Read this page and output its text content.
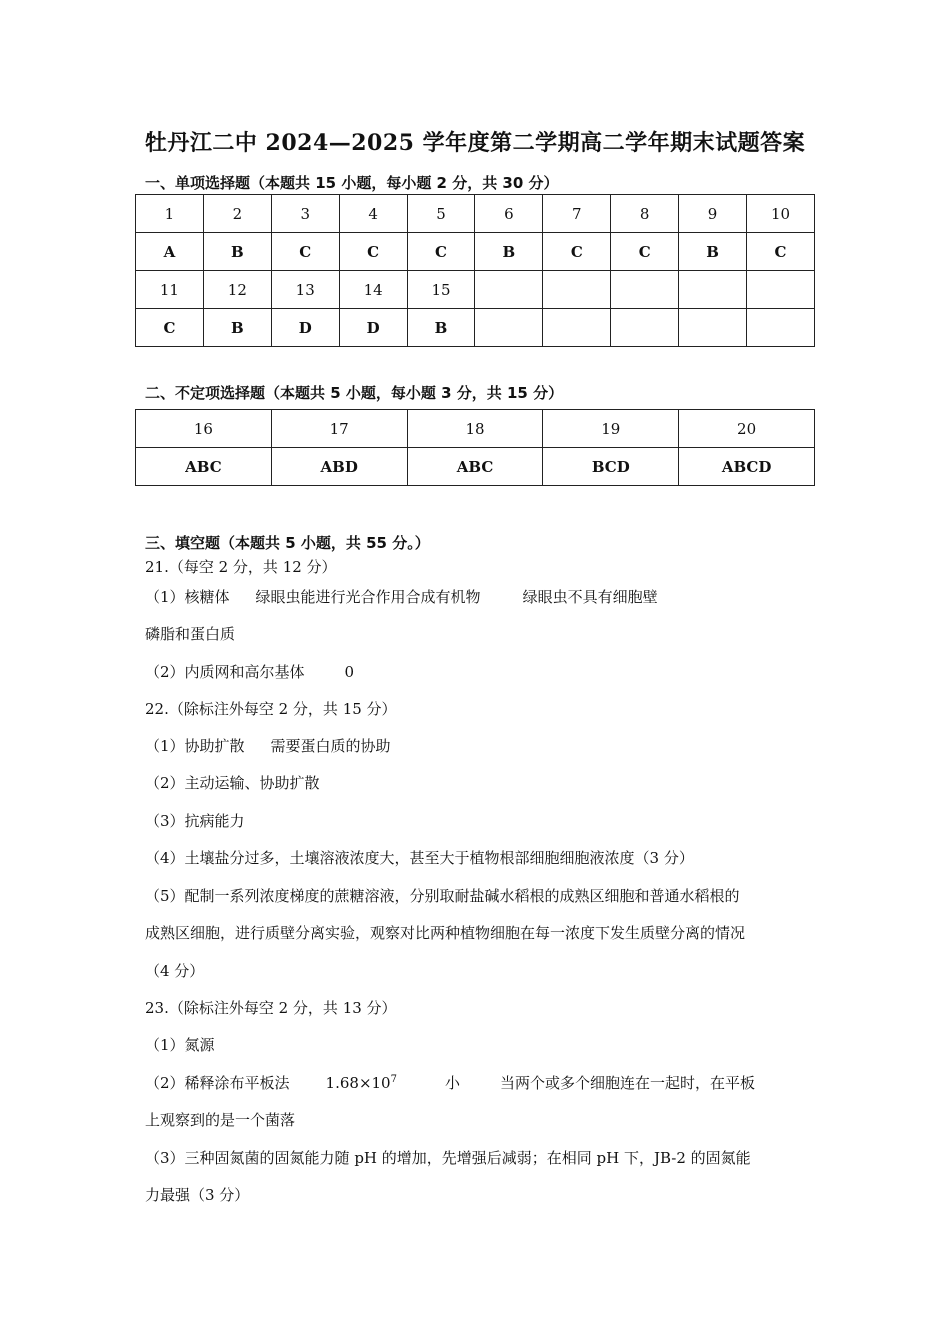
牡丹江二中 2024—2025 学年度第二学期高二学年期末试题答案
一、单项选择题（本题共 15 小题，每小题 2 分，共 30 分）
1	2	3	4	5	6	7	8	9	10
A	B	C	C	C	B	C	C	B	C
11	12	13	14	15					
C	B	D	D	B					
二、不定项选择题（本题共 5 小题，每小题 3 分，共 15 分）
16	17	18	19	20
ABC	ABD	ABC	BCD	ABCD
三、填空题（本题共 5 小题，共 55 分。）
21.（每空 2 分，共 12 分）
（1）核糖体 绿眼虫能进行光合作用合成有机物	绿眼虫不具有细胞壁
磷脂和蛋白质
（2）内质网和高尔基体	0
22.（除标注外每空 2 分，共 15 分）
（1）协助扩散 需要蛋白质的协助
（2）主动运输、协助扩散
（3）抗病能力
（4）土壤盐分过多，土壤溶液浓度大，甚至大于植物根部细胞细胞液浓度（3 分）
（5）配制一系列浓度梯度的蔗糖溶液，分别取耐盐碱水稻根的成熟区细胞和普通水稻根的
成熟区细胞，进行质壁分离实验，观察对比两种植物细胞在每一浓度下发生质壁分离的情况
（4 分）
23.（除标注外每空 2 分，共 13 分）
（1）氮源
（2）稀释涂布平板法 $1.68\times 10^7$	小	当两个或多个细胞连在一起时，在平板
上观察到的是一个菌落
（3）三种固氮菌的固氮能力随 pH 的增加，先增强后减弱；在相同 pH 下，JB-2 的固氮能
力最强（3 分）
